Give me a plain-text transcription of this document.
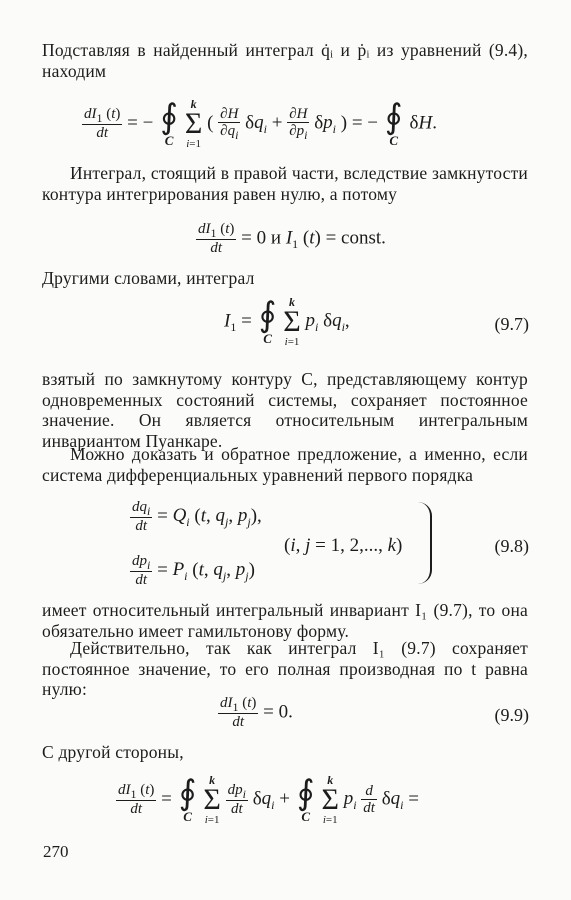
Подставляя в найденный интеграл q̇ᵢ и ṗᵢ из уравнений (9.4), находим

$\frac{dI_1 (t)}{dt}$ = − ∮
C

k
Σ
i=1
( $\frac{\partial H}{\partial q_i} \delta q_i + \frac{\partial H}{\partial p_i} \delta p_i$ ) = − ∮
C
δH.

Интеграл, стоящий в правой части, вследствие замкнутости контура интегрирования равен нулю, а потому

$\frac{dI_1 (t)}{dt} = 0$ и $I_1$ (t) = const.

Другими словами, интеграл

$I_1$ = ∮
C

k
Σ
i=1
$p_i$ $\delta q_i$,	(9.7)

взятый по замкнутому контуру C, представляющему контур одновременных состояний системы, сохраняет постоянное значение. Он является относительным интегральным инвариантом Пуанкаре.

Можно доказать и обратное предложение, а именно, если система дифференциальных уравнений первого порядка

$\frac{dq_i}{dt} = Q_i$ (t, $q_j$, $p_j$),
(i, j = 1, 2,..., k)
$\frac{dp_i}{dt} = P_i$ (t, $q_j$, $p_j$)
(9.8)

имеет относительный интегральный инвариант I₁ (9.7), то она обязательно имеет гамильтонову форму.

Действительно, так как интеграл I₁ (9.7) сохраняет постоянное значение, то его полная производная по t равна нулю:

$\frac{dI_1 (t)}{dt} = 0$.	(9.9)

С другой стороны,

$\frac{dI_1 (t)}{dt}$ = ∮
C

k
Σ
i=1

$\frac{dp_i}{dt} \delta q_i$ + ∮
C

k
Σ
i=1
$p_i \frac{d}{dt} \delta q_i$ =
270
